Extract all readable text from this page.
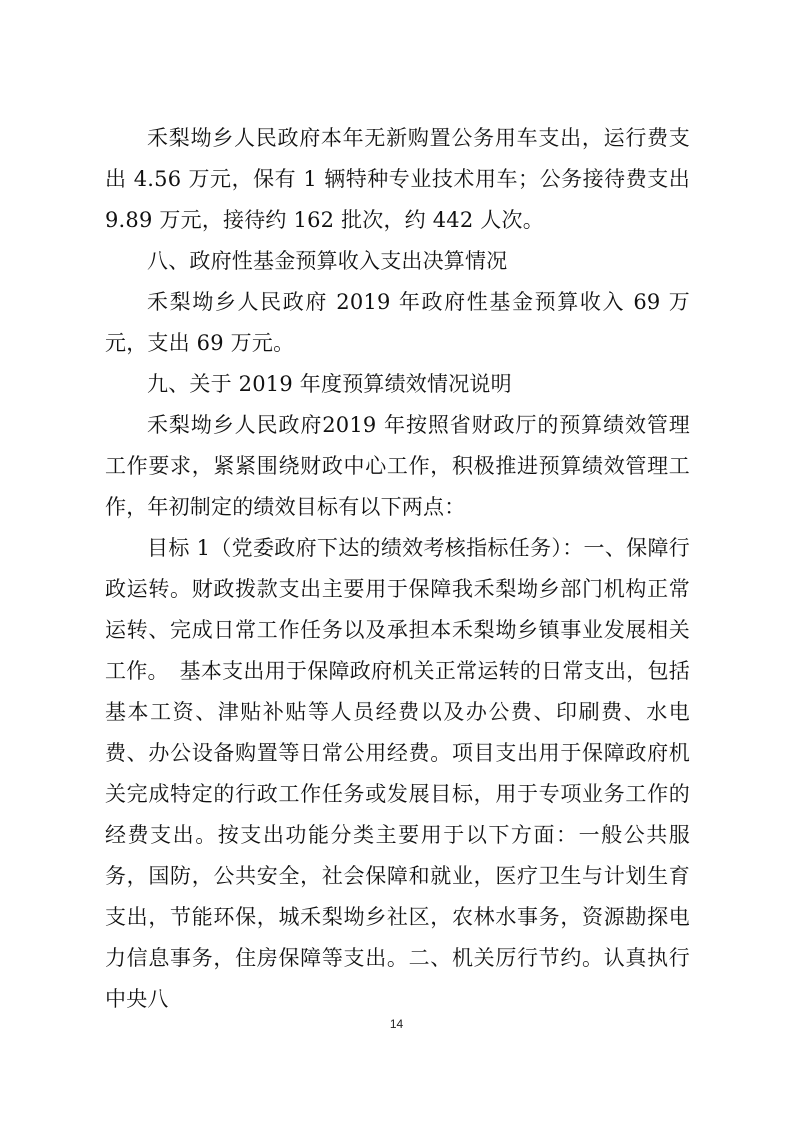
禾梨坳乡人民政府本年无新购置公务用车支出，运行费支出 4.56 万元，保有 1 辆特种专业技术用车；公务接待费支出 9.89 万元，接待约 162 批次，约 442 人次。

八、政府性基金预算收入支出决算情况

禾梨坳乡人民政府 2019 年政府性基金预算收入 69 万元，支出 69 万元。

九、关于 2019 年度预算绩效情况说明

禾梨坳乡人民政府2019 年按照省财政厅的预算绩效管理工作要求，紧紧围绕财政中心工作，积极推进预算绩效管理工作，年初制定的绩效目标有以下两点：

目标 1（党委政府下达的绩效考核指标任务）：一、保障行政运转。财政拨款支出主要用于保障我禾梨坳乡部门机构正常运转、完成日常工作任务以及承担本禾梨坳乡镇事业发展相关工作。　基本支出用于保障政府机关正常运转的日常支出，包括基本工资、津贴补贴等人员经费以及办公费、印刷费、水电费、办公设备购置等日常公用经费。项目支出用于保障政府机关完成特定的行政工作任务或发展目标，用于专项业务工作的经费支出。按支出功能分类主要用于以下方面：一般公共服务，国防，公共安全，社会保障和就业，医疗卫生与计划生育支出，节能环保，城禾梨坳乡社区，农林水事务，资源勘探电力信息事务，住房保障等支出。二、机关厉行节约。认真执行中央八

14
